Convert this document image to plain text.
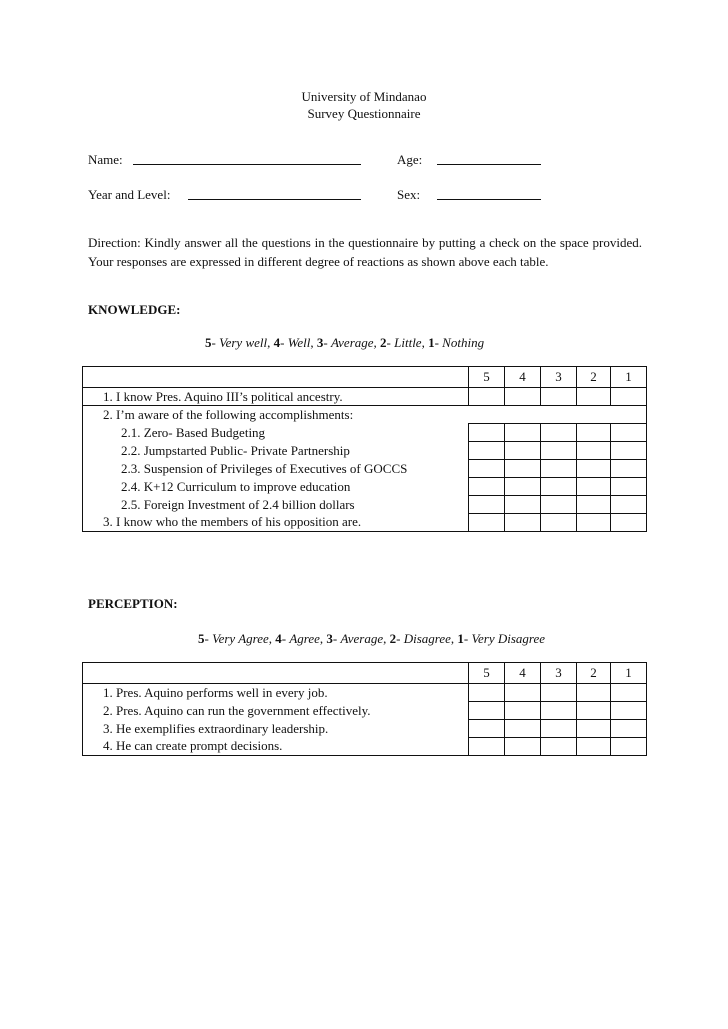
University of Mindanao
Survey Questionnaire
Name:	Age:
Year and Level:	Sex:
Direction: Kindly answer all the questions in the questionnaire by putting a check on the space provided. Your responses are expressed in different degree of reactions as shown above each table.
KNOWLEDGE:
5- Very well, 4- Well, 3- Average, 2- Little, 1- Nothing
	5	4	3	2	1
1. I know Pres. Aquino III’s political ancestry.					
2. I’m aware of the following accomplishments:					
2.1. Zero- Based Budgeting					
2.2. Jumpstarted Public- Private Partnership					
2.3. Suspension of Privileges of Executives of GOCCS					
2.4. K+12 Curriculum to improve education					
2.5. Foreign Investment of 2.4 billion dollars					
3. I know who the members of his opposition are.					
PERCEPTION:
5- Very Agree, 4- Agree, 3- Average, 2- Disagree, 1- Very Disagree
	5	4	3	2	1
1. Pres. Aquino performs well in every job.					
2. Pres. Aquino can run the government effectively.					
3. He exemplifies extraordinary leadership.					
4. He can create prompt decisions.					
